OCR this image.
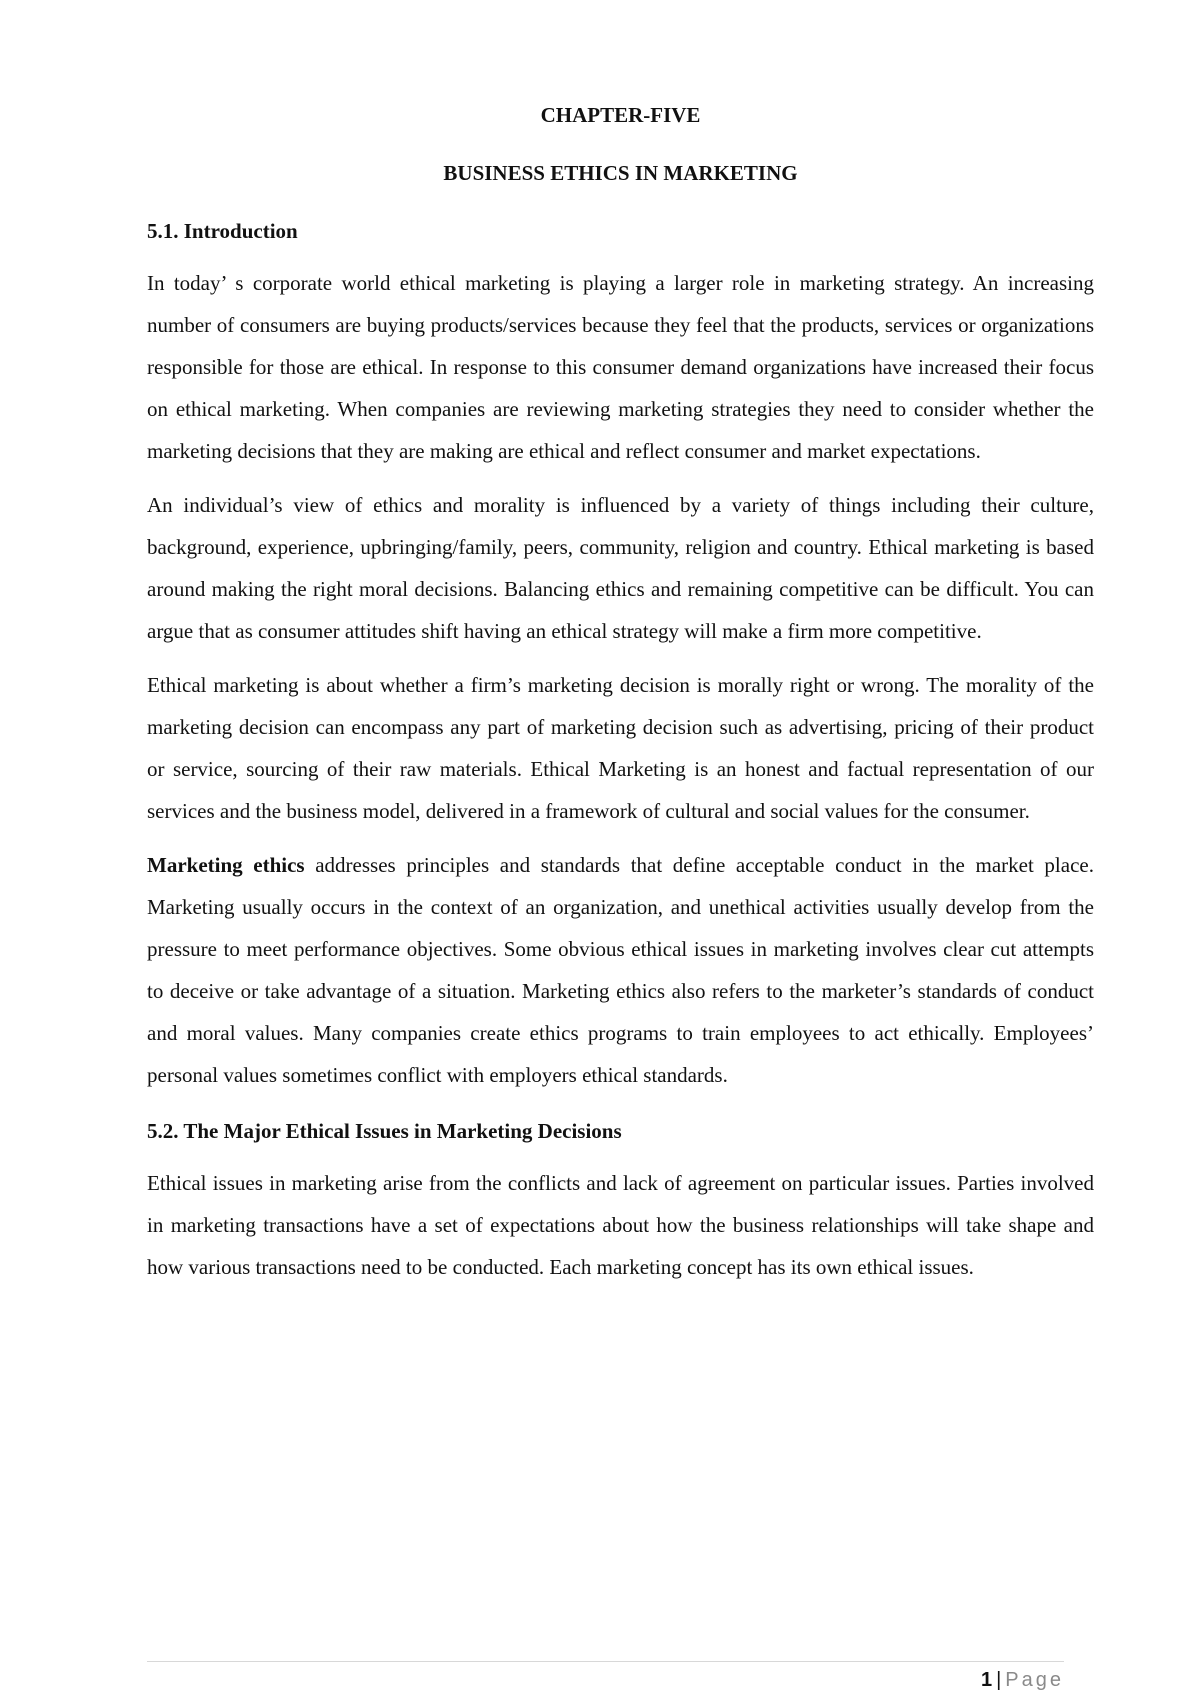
CHAPTER-FIVE

BUSINESS ETHICS IN MARKETING

5.1. Introduction

In today’ s corporate world ethical marketing is playing a larger role in marketing strategy. An increasing number of consumers are buying products/services because they feel that the products, services or organizations responsible for those are ethical. In response to this consumer demand organizations have increased their focus on ethical marketing. When companies are reviewing marketing strategies they need to consider whether the marketing decisions that they are making are ethical and reflect consumer and market expectations.

An individual’s view of ethics and morality is influenced by a variety of things including their culture, background, experience, upbringing/family, peers, community, religion and country. Ethical marketing is based around making the right moral decisions. Balancing ethics and remaining competitive can be difficult. You can argue that as consumer attitudes shift having an ethical strategy will make a firm more competitive.

Ethical marketing is about whether a firm’s marketing decision is morally right or wrong. The morality of the marketing decision can encompass any part of marketing decision such as advertising, pricing of their product or service, sourcing of their raw materials. Ethical Marketing is an honest and factual representation of our services and the business model, delivered in a framework of cultural and social values for the consumer.

Marketing ethics addresses principles and standards that define acceptable conduct in the market place. Marketing usually occurs in the context of an organization, and unethical activities usually develop from the pressure to meet performance objectives. Some obvious ethical issues in marketing involves clear cut attempts to deceive or take advantage of a situation. Marketing ethics also refers to the marketer’s standards of conduct and moral values. Many companies create ethics programs to train employees to act ethically. Employees’ personal values sometimes conflict with employers ethical standards.

5.2. The Major Ethical Issues in Marketing Decisions

Ethical issues in marketing arise from the conflicts and lack of agreement on particular issues. Parties involved in marketing transactions have a set of expectations about how the business relationships will take shape and how various transactions need to be conducted. Each marketing concept has its own ethical issues.

1 | Page
